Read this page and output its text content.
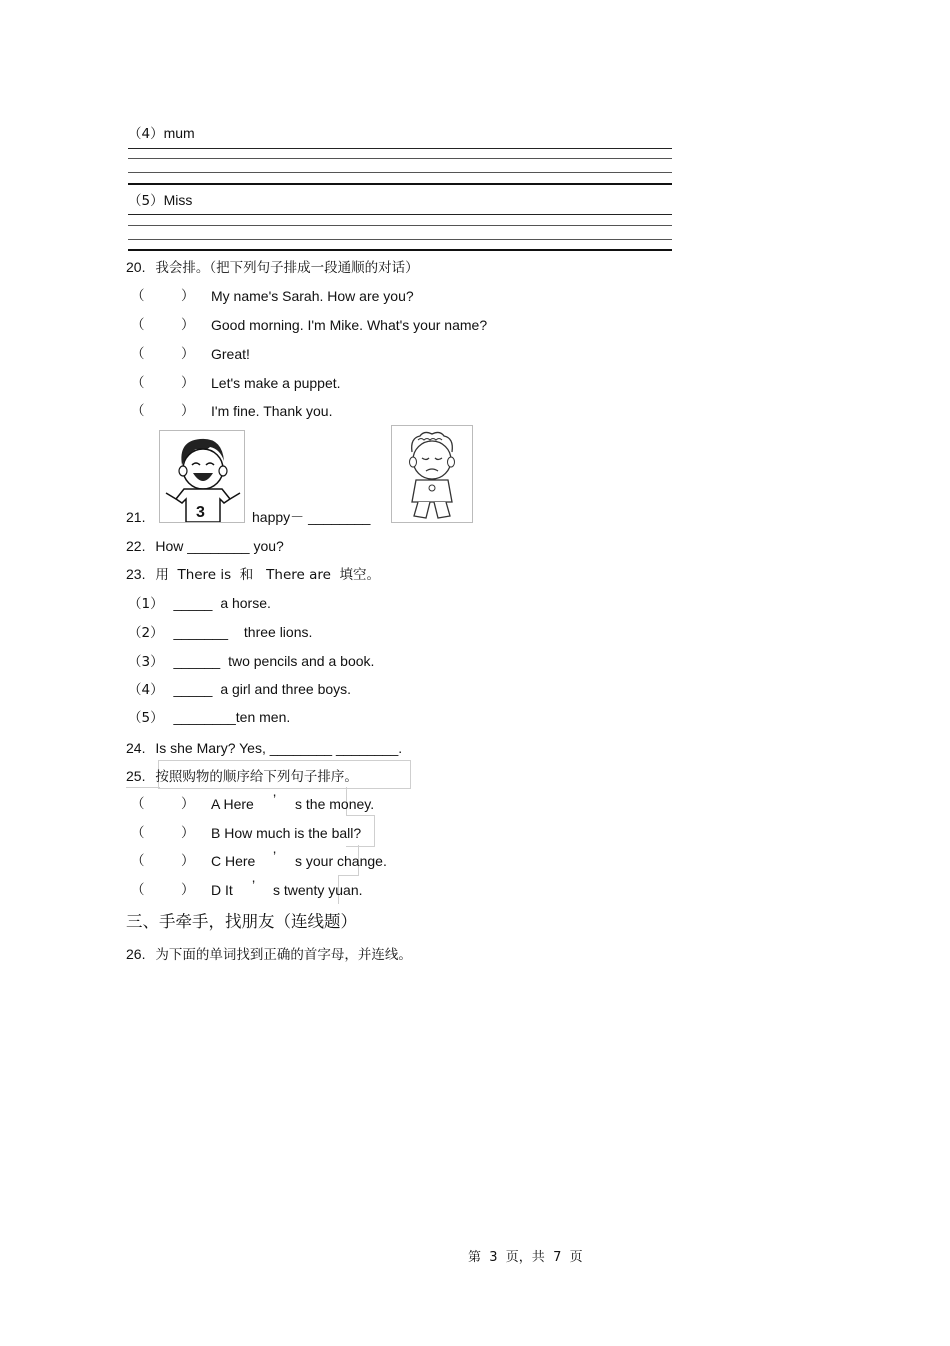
（4）mum
（5）Miss
20. 我会排。（把下列句子排成一段通顺的对话）
（	） My name's Sarah. How are you?
（	） Good morning. I'm Mike. What's your name?
（	） Great!
（	） Let's make a puppet.
（	） I'm fine. Thank you.
21.	3	happy－ ________
22. How ________ you?
23. 用  There is  和   There are  填空。
（1） _____ a horse.
（2） _______ three lions.
（3） ______ two pencils and a book.
（4） _____ a girl and three boys.
（5） ________ten men.
24. Is she Mary? Yes, ________ ________.
25. 按照购物的顺序给下列句子排序。
（	） A Here ’ s the money.
（	） B How much is the ball?
（	） C Here ’ s your change.
（	） D It ’ s twenty yuan.
三、手牵手，找朋友（连线题）
26. 为下面的单词找到正确的首字母，并连线。
第  3  页，共  7  页
